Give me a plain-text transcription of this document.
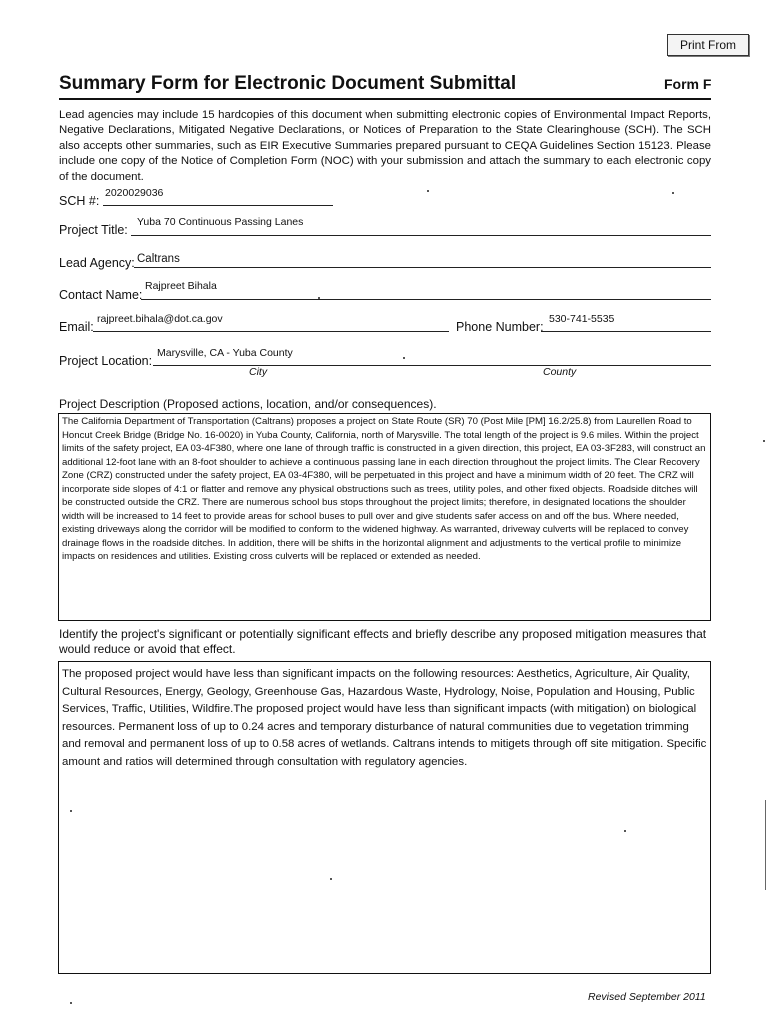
Print From
Summary Form for Electronic Document Submittal	Form F
Lead agencies may include 15 hardcopies of this document when submitting electronic copies of Environmental Impact Reports, Negative Declarations, Mitigated Negative Declarations, or Notices of Preparation to the State Clearinghouse (SCH). The SCH also accepts other summaries, such as EIR Executive Summaries prepared pursuant to CEQA Guidelines Section 15123. Please include one copy of the Notice of Completion Form (NOC) with your submission and attach the summary to each electronic copy of the document.
SCH #:
2020029036
Project Title:
Yuba 70 Continuous Passing Lanes
Lead Agency: Caltrans
Contact Name:
Rajpreet Bihala
Email:
rajpreet.bihala@dot.ca.gov
Phone Number:
530-741-5535
Project Location:
Marysville, CA - Yuba County
City	County
Project Description (Proposed actions, location, and/or consequences).
The California Department of Transportation (Caltrans) proposes a project on State Route (SR) 70 (Post Mile [PM] 16.2/25.8) from Laurellen Road to Honcut Creek Bridge (Bridge No. 16-0020) in Yuba County, California, north of Marysville. The total length of the project is 9.6 miles. Within the project limits of the safety project, EA 03-4F380, where one lane of through traffic is constructed in a given direction, this project, EA 03-3F283, will construct an additional 12-foot lane with an 8-foot shoulder to achieve a continuous passing lane in each direction throughout the project limits. The Clear Recovery Zone (CRZ) constructed under the safety project, EA 03-4F380, will be perpetuated in this project and have a minimum width of 20 feet. The CRZ will incorporate side slopes of 4:1 or flatter and remove any physical obstructions such as trees, utility poles, and other fixed objects. Roadside ditches will be constructed outside the CRZ. There are numerous school bus stops throughout the project limits; therefore, in designated locations the shoulder width will be increased to 14 feet to provide areas for school buses to pull over and give students safer access on and off the bus. Where needed, existing driveways along the corridor will be modified to conform to the widened highway. As warranted, driveway culverts will be replaced to convey drainage flows in the roadside ditches. In addition, there will be shifts in the horizontal alignment and adjustments to the vertical profile to minimize impacts on residences and utilities. Existing cross culverts will be replaced or extended as needed.
Identify the project's significant or potentially significant effects and briefly describe any proposed mitigation measures that would reduce or avoid that effect.
The proposed project would have less than significant impacts on the following resources: Aesthetics, Agriculture, Air Quality, Cultural Resources, Energy, Geology, Greenhouse Gas, Hazardous Waste, Hydrology, Noise, Population and Housing, Public Services, Traffic, Utilities, Wildfire.The proposed project would have less than significant impacts (with mitigation) on biological resources. Permanent loss of up to 0.24 acres and temporary disturbance of natural communities due to vegetation trimming and removal and permanent loss of up to 0.58 acres of wetlands. Caltrans intends to mitigets through off site mitigation. Specific amount and ratios will determined through consultation with regulatory agencies.
Revised September 2011
